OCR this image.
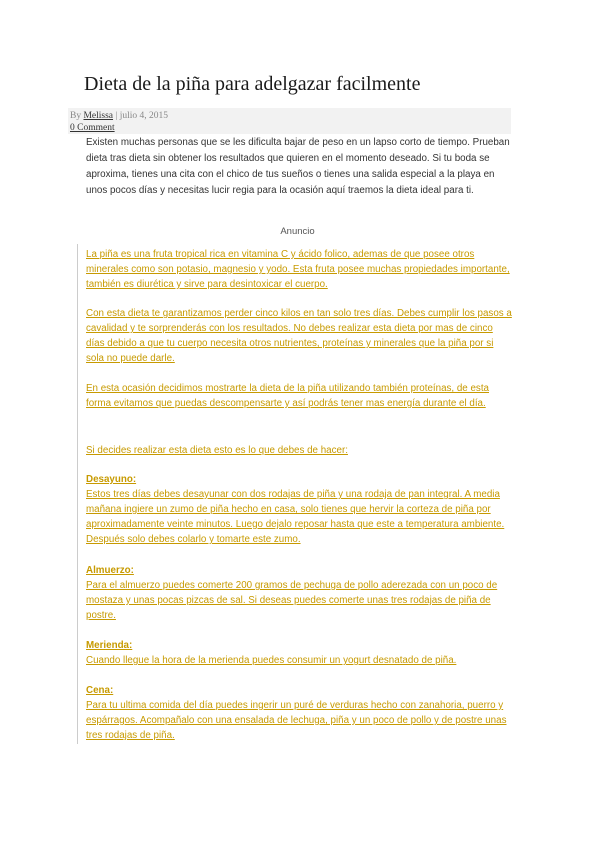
Dieta de la piña para adelgazar facilmente
By Melissa | julio 4, 2015
0 Comment

Existen muchas personas que se les dificulta bajar de peso en un lapso corto de tiempo. Prueban dieta tras dieta sin obtener los resultados que quieren en el momento deseado. Si tu boda se aproxima, tienes una cita con el chico de tus sueños o tienes una salida especial a la playa en unos pocos días y necesitas lucir regia para la ocasión aquí traemos la dieta ideal para ti.

Anuncio

La piña es una fruta tropical rica en vitamina C y ácido folico, ademas de que posee otros minerales como son potasio, magnesio y yodo. Esta fruta posee muchas propiedades importante, también es diurética y sirve para desintoxicar el cuerpo.

Con esta dieta te garantizamos perder cinco kilos en tan solo tres días. Debes cumplir los pasos a cavalidad y te sorprenderás con los resultados. No debes realizar esta dieta por mas de cinco días debido a que tu cuerpo necesita otros nutrientes, proteínas y minerales que la piña por si sola no puede darle.

En esta ocasión decidimos mostrarte la dieta de la piña utilizando también proteínas, de esta forma evitamos que puedas descompensarte y así podrás tener mas energía durante el día.

Si decides realizar esta dieta esto es lo que debes de hacer:

Desayuno:
Estos tres días debes desayunar con dos rodajas de piña y una rodaja de pan integral. A media mañana ingiere un zumo de piña hecho en casa, solo tienes que hervir la corteza de piña por aproximadamente veinte minutos. Luego dejalo reposar hasta que este a temperatura ambiente. Después solo debes colarlo y tomarte este zumo.

Almuerzo:
Para el almuerzo puedes comerte 200 gramos de pechuga de pollo aderezada con un poco de mostaza y unas pocas pizcas de sal. Si deseas puedes comerte unas tres rodajas de piña de postre.

Merienda:
Cuando llegue la hora de la merienda puedes consumir un yogurt desnatado de piña.

Cena:
Para tu ultima comida del día puedes ingerir un puré de verduras hecho con zanahoria, puerro y espárragos. Acompañalo con una ensalada de lechuga, piña y un poco de pollo y de postre unas tres rodajas de piña.
